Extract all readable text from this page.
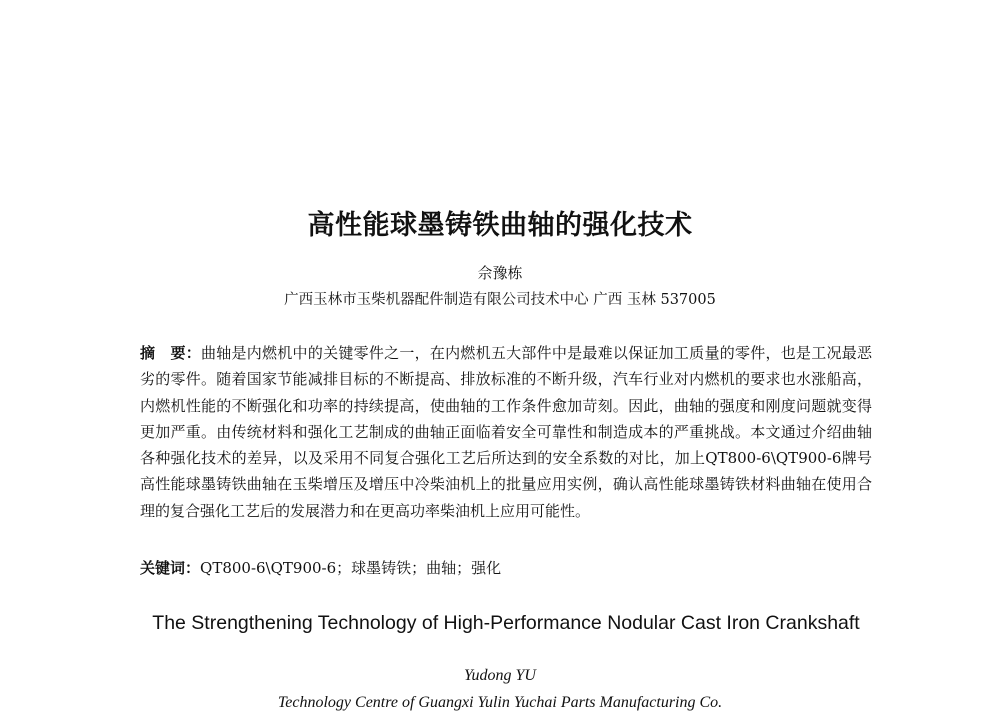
高性能球墨铸铁曲轴的强化技术
佘豫栋
广西玉林市玉柴机器配件制造有限公司技术中心 广西 玉林 537005
摘　要：曲轴是内燃机中的关键零件之一，在内燃机五大部件中是最难以保证加工质量的零件，也是工况最恶劣的零件。随着国家节能减排目标的不断提高、排放标准的不断升级，汽车行业对内燃机的要求也水涨船高，内燃机性能的不断强化和功率的持续提高，使曲轴的工作条件愈加苛刻。因此，曲轴的强度和刚度问题就变得更加严重。由传统材料和强化工艺制成的曲轴正面临着安全可靠性和制造成本的严重挑战。本文通过介绍曲轴各种强化技术的差异，以及采用不同复合强化工艺后所达到的安全系数的对比，加上QT800-6\QT900-6牌号高性能球墨铸铁曲轴在玉柴增压及增压中冷柴油机上的批量应用实例，确认高性能球墨铸铁材料曲轴在使用合理的复合强化工艺后的发展潜力和在更高功率柴油机上应用可能性。
关键词：QT800-6\QT900-6；球墨铸铁；曲轴；强化
The Strengthening Technology of High-Performance Nodular Cast Iron Crankshaft
Yudong YU
Technology Centre of Guangxi Yulin Yuchai Parts Manufacturing Co.
